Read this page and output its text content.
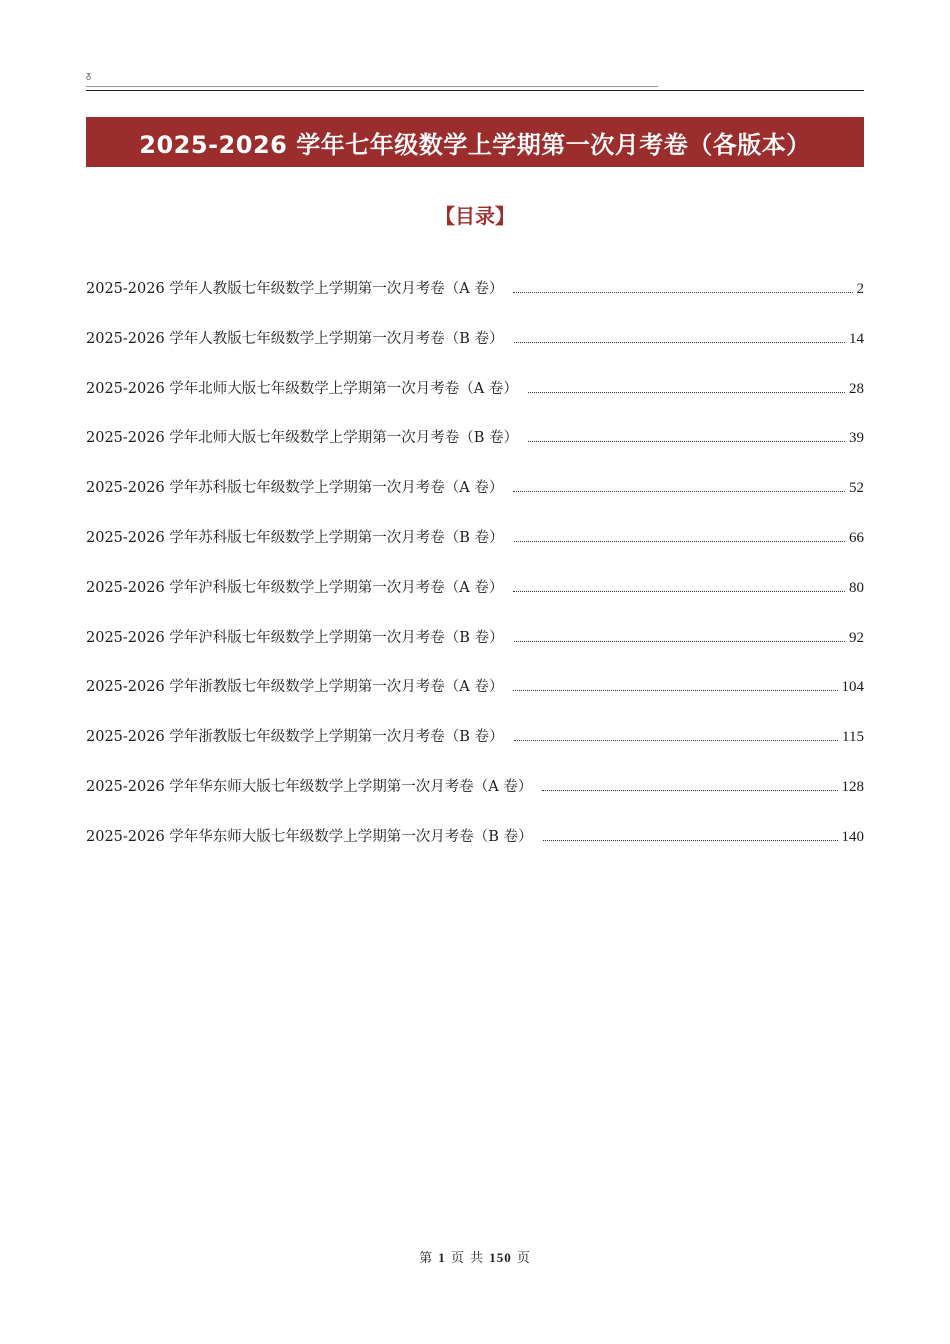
ᵹ
2025-2026 学年七年级数学上学期第一次月考卷（各版本）
【目录】
2025-2026 学年人教版七年级数学上学期第一次月考卷（A 卷）	2
2025-2026 学年人教版七年级数学上学期第一次月考卷（B 卷）	14
2025-2026 学年北师大版七年级数学上学期第一次月考卷（A 卷）	28
2025-2026 学年北师大版七年级数学上学期第一次月考卷（B 卷）	39
2025-2026 学年苏科版七年级数学上学期第一次月考卷（A 卷）	52
2025-2026 学年苏科版七年级数学上学期第一次月考卷（B 卷）	66
2025-2026 学年沪科版七年级数学上学期第一次月考卷（A 卷）	80
2025-2026 学年沪科版七年级数学上学期第一次月考卷（B 卷）	92
2025-2026 学年浙教版七年级数学上学期第一次月考卷（A 卷）	104
2025-2026 学年浙教版七年级数学上学期第一次月考卷（B 卷）	115
2025-2026 学年华东师大版七年级数学上学期第一次月考卷（A 卷）	128
2025-2026 学年华东师大版七年级数学上学期第一次月考卷（B 卷）	140
第 1 页 共 150 页
